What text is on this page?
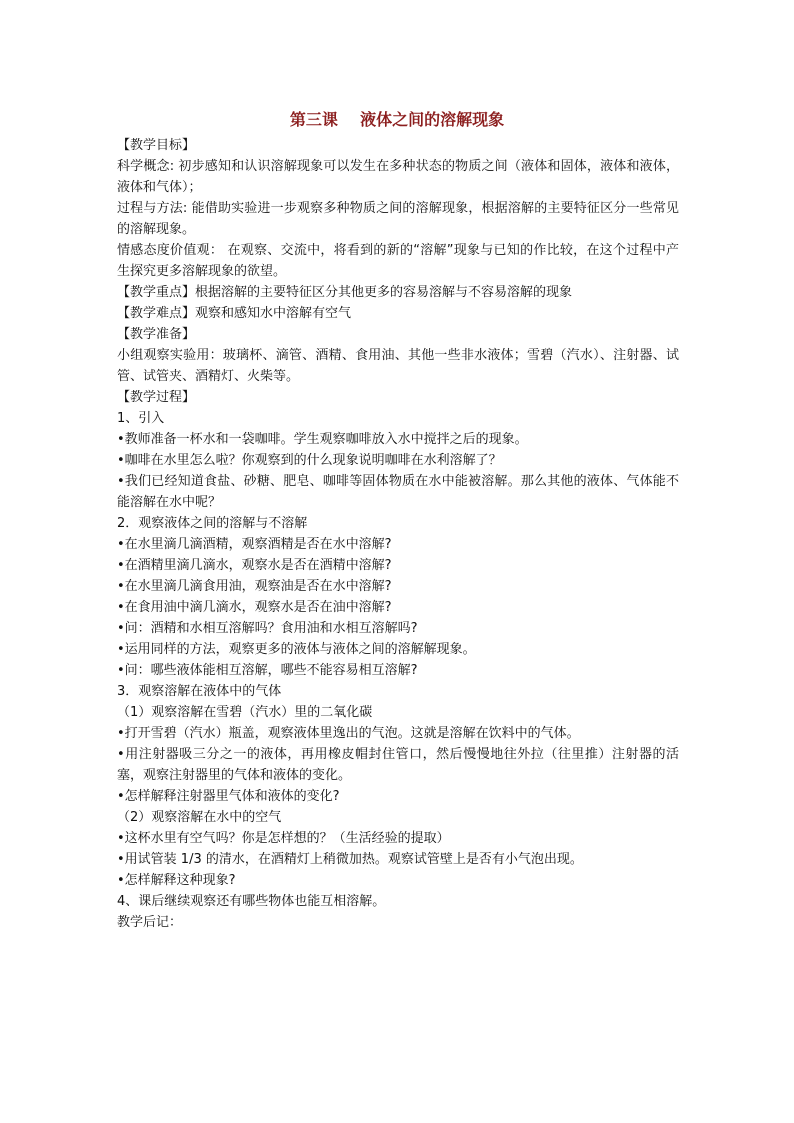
第三课    液体之间的溶解现象

【教学目标】

科学概念: 初步感知和认识溶解现象可以发生在多种状态的物质之间（液体和固体，液体和液体，液体和气体）；

过程与方法: 能借助实验进一步观察多种物质之间的溶解现象，根据溶解的主要特征区分一些常见的溶解现象。

情感态度价值观： 在观察、交流中，将看到的新的“溶解”现象与已知的作比较，在这个过程中产生探究更多溶解现象的欲望。

【教学重点】根据溶解的主要特征区分其他更多的容易溶解与不容易溶解的现象

【教学难点】观察和感知水中溶解有空气

【教学准备】

小组观察实验用：玻璃杯、滴管、酒精、食用油、其他一些非水液体；雪碧（汽水）、注射器、试管、试管夹、酒精灯、火柴等。

【教学过程】

1、引入

•教师准备一杯水和一袋咖啡。学生观察咖啡放入水中搅拌之后的现象。

•咖啡在水里怎么啦？你观察到的什么现象说明咖啡在水利溶解了？

•我们已经知道食盐、砂糖、肥皂、咖啡等固体物质在水中能被溶解。那么其他的液体、气体能不能溶解在水中呢？

2．观察液体之间的溶解与不溶解

•在水里滴几滴酒精，观察酒精是否在水中溶解?

•在酒精里滴几滴水，观察水是否在酒精中溶解?

•在水里滴几滴食用油，观察油是否在水中溶解?

•在食用油中滴几滴水，观察水是否在油中溶解?

•问：酒精和水相互溶解吗？食用油和水相互溶解吗?

•运用同样的方法，观察更多的液体与液体之间的溶解解现象。

•问：哪些液体能相互溶解，哪些不能容易相互溶解?

3．观察溶解在液体中的气体

（1）观察溶解在雪碧（汽水）里的二氧化碳

•打开雪碧（汽水）瓶盖，观察液体里逸出的气泡。这就是溶解在饮料中的气体。

•用注射器吸三分之一的液体，再用橡皮帽封住管口，然后慢慢地往外拉（往里推）注射器的活塞，观察注射器里的气体和液体的变化。

•怎样解释注射器里气体和液体的变化?

（2）观察溶解在水中的空气

•这杯水里有空气吗？你是怎样想的？（生活经验的提取）

•用试管装 1/3 的清水，在酒精灯上稍微加热。观察试管壁上是否有小气泡出现。

•怎样解释这种现象?

4、课后继续观察还有哪些物体也能互相溶解。

教学后记：
